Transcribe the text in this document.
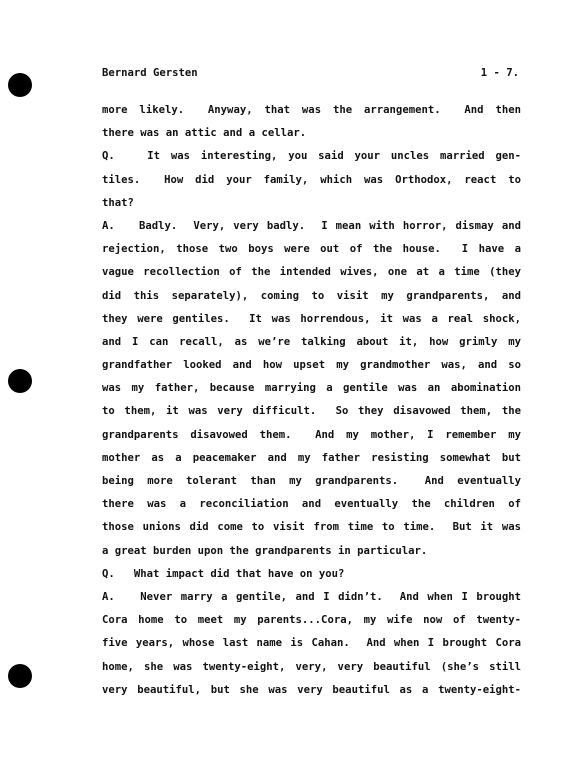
Bernard Gersten	1 - 7.
more likely.  Anyway, that was the arrangement.  And then
there was an attic and a cellar.
Q.   It was interesting, you said your uncles married gen-
tiles.  How did your family, which was Orthodox, react to
that?
A.   Badly.  Very, very badly.  I mean with horror, dismay and
rejection, those two boys were out of the house.  I have a
vague recollection of the intended wives, one at a time (they
did this separately), coming to visit my grandparents, and
they were gentiles.  It was horrendous, it was a real shock,
and I can recall, as we’re talking about it, how grimly my
grandfather looked and how upset my grandmother was, and so
was my father, because marrying a gentile was an abomination
to them, it was very difficult.  So they disavowed them, the
grandparents disavowed them.  And my mother, I remember my
mother as a peacemaker and my father resisting somewhat but
being more tolerant than my grandparents.  And eventually
there was a reconciliation and eventually the children of
those unions did come to visit from time to time.  But it was
a great burden upon the grandparents in particular.
Q.   What impact did that have on you?
A.   Never marry a gentile, and I didn’t.  And when I brought
Cora home to meet my parents...Cora, my wife now of twenty-
five years, whose last name is Cahan.  And when I brought Cora
home, she was twenty-eight, very, very beautiful (she’s still
very beautiful, but she was very beautiful as a twenty-eight-
